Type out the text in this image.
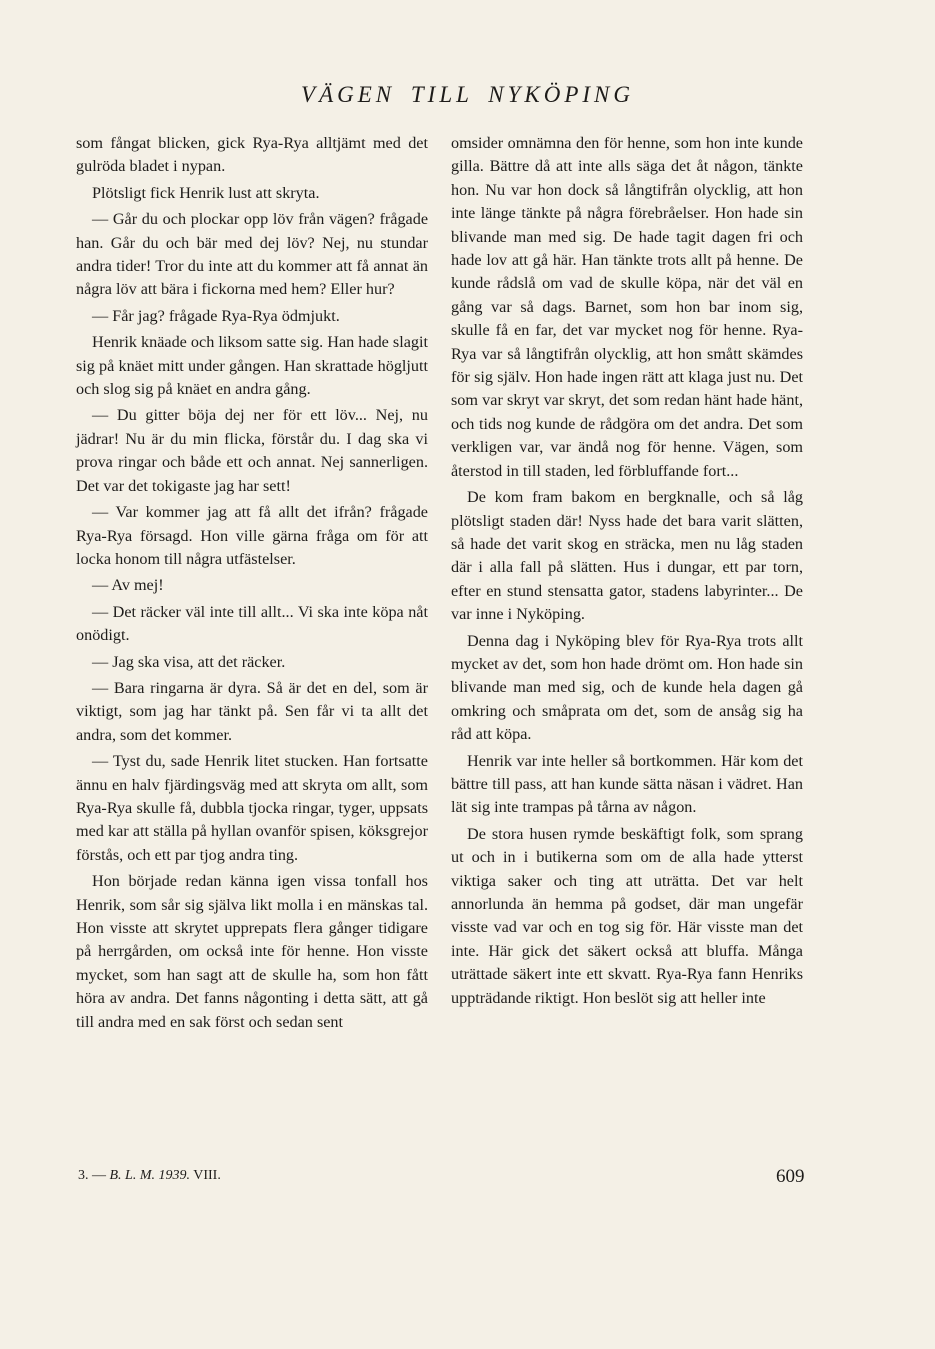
VÄGEN TILL NYKÖPING

som fångat blicken, gick Rya-Rya alltjämt med det gulröda bladet i nypan.

Plötsligt fick Henrik lust att skryta.

— Går du och plockar opp löv från vägen? frågade han. Går du och bär med dej löv? Nej, nu stundar andra tider! Tror du inte att du kommer att få annat än några löv att bära i fickorna med hem? Eller hur?

— Får jag? frågade Rya-Rya ödmjukt.

Henrik knäade och liksom satte sig. Han hade slagit sig på knäet mitt under gången. Han skrattade högljutt och slog sig på knäet en andra gång.

— Du gitter böja dej ner för ett löv... Nej, nu jädrar! Nu är du min flicka, förstår du. I dag ska vi prova ringar och både ett och annat. Nej sannerligen. Det var det tokigaste jag har sett!

— Var kommer jag att få allt det ifrån? frågade Rya-Rya försagd. Hon ville gärna fråga om för att locka honom till några utfästelser.

— Av mej!

— Det räcker väl inte till allt... Vi ska inte köpa nåt onödigt.

— Jag ska visa, att det räcker.

— Bara ringarna är dyra. Så är det en del, som är viktigt, som jag har tänkt på. Sen får vi ta allt det andra, som det kommer.

— Tyst du, sade Henrik litet stucken. Han fortsatte ännu en halv fjärdingsväg med att skryta om allt, som Rya-Rya skulle få, dubbla tjocka ringar, tyger, uppsats med kar att ställa på hyllan ovanför spisen, köksgrejor förstås, och ett par tjog andra ting.

Hon började redan känna igen vissa tonfall hos Henrik, som sår sig själva likt molla i en mänskas tal. Hon visste att skrytet upprepats flera gånger tidigare på herrgården, om också inte för henne. Hon visste mycket, som han sagt att de skulle ha, som hon fått höra av andra. Det fanns någonting i detta sätt, att gå till andra med en sak först och sedan sent

omsider omnämna den för henne, som hon inte kunde gilla. Bättre då att inte alls säga det åt någon, tänkte hon. Nu var hon dock så långtifrån olycklig, att hon inte länge tänkte på några förebråelser. Hon hade sin blivande man med sig. De hade tagit dagen fri och hade lov att gå här. Han tänkte trots allt på henne. De kunde rådslå om vad de skulle köpa, när det väl en gång var så dags. Barnet, som hon bar inom sig, skulle få en far, det var mycket nog för henne. Rya-Rya var så långtifrån olycklig, att hon smått skämdes för sig själv. Hon hade ingen rätt att klaga just nu. Det som var skryt var skryt, det som redan hänt hade hänt, och tids nog kunde de rådgöra om det andra. Det som verkligen var, var ändå nog för henne. Vägen, som återstod in till staden, led förbluffande fort...

De kom fram bakom en bergknalle, och så låg plötsligt staden där! Nyss hade det bara varit slätten, så hade det varit skog en sträcka, men nu låg staden där i alla fall på slätten. Hus i dungar, ett par torn, efter en stund stensatta gator, stadens labyrinter... De var inne i Nyköping.

Denna dag i Nyköping blev för Rya-Rya trots allt mycket av det, som hon hade drömt om. Hon hade sin blivande man med sig, och de kunde hela dagen gå omkring och småprata om det, som de ansåg sig ha råd att köpa.

Henrik var inte heller så bortkommen. Här kom det bättre till pass, att han kunde sätta näsan i vädret. Han lät sig inte trampas på tårna av någon.

De stora husen rymde beskäftigt folk, som sprang ut och in i butikerna som om de alla hade ytterst viktiga saker och ting att uträtta. Det var helt annorlunda än hemma på godset, där man ungefär visste vad var och en tog sig för. Här visste man det inte. Här gick det säkert också att bluffa. Många uträttade säkert inte ett skvatt. Rya-Rya fann Henriks uppträdande riktigt. Hon beslöt sig att heller inte

3. — B. L. M. 1939. VIII.	609
